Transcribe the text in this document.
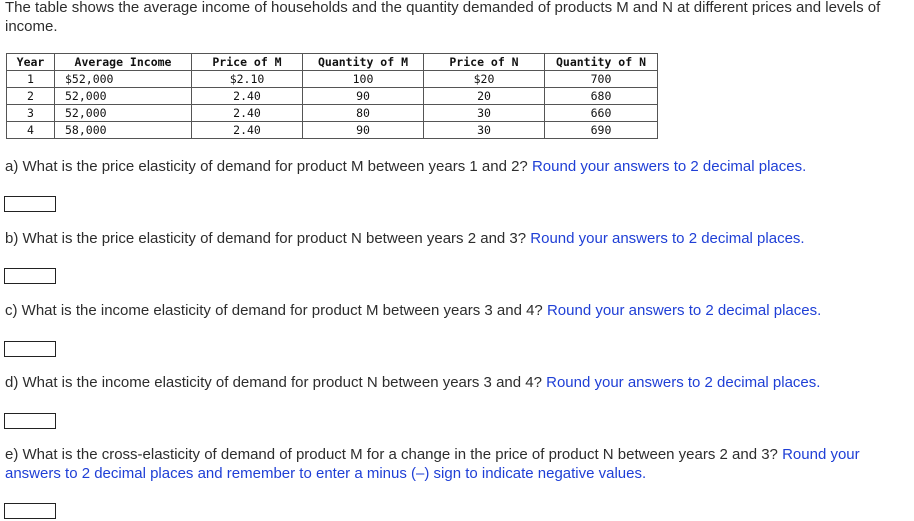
The table shows the average income of households and the quantity demanded of products M and N at different prices and levels of income.
Year	Average Income	Price of M	Quantity of M	Price of N	Quantity of N
1	$52,000	$2.10	100	$20	700
2	52,000	2.40	90	20	680
3	52,000	2.40	80	30	660
4	58,000	2.40	90	30	690
a) What is the price elasticity of demand for product M between years 1 and 2? Round your answers to 2 decimal places.
b) What is the price elasticity of demand for product N between years 2 and 3? Round your answers to 2 decimal places.
c) What is the income elasticity of demand for product M between years 3 and 4? Round your answers to 2 decimal places.
d) What is the income elasticity of demand for product N between years 3 and 4? Round your answers to 2 decimal places.
e) What is the cross-elasticity of demand of product M for a change in the price of product N between years 2 and 3? Round your answers to 2 decimal places and remember to enter a minus (–) sign to indicate negative values.
